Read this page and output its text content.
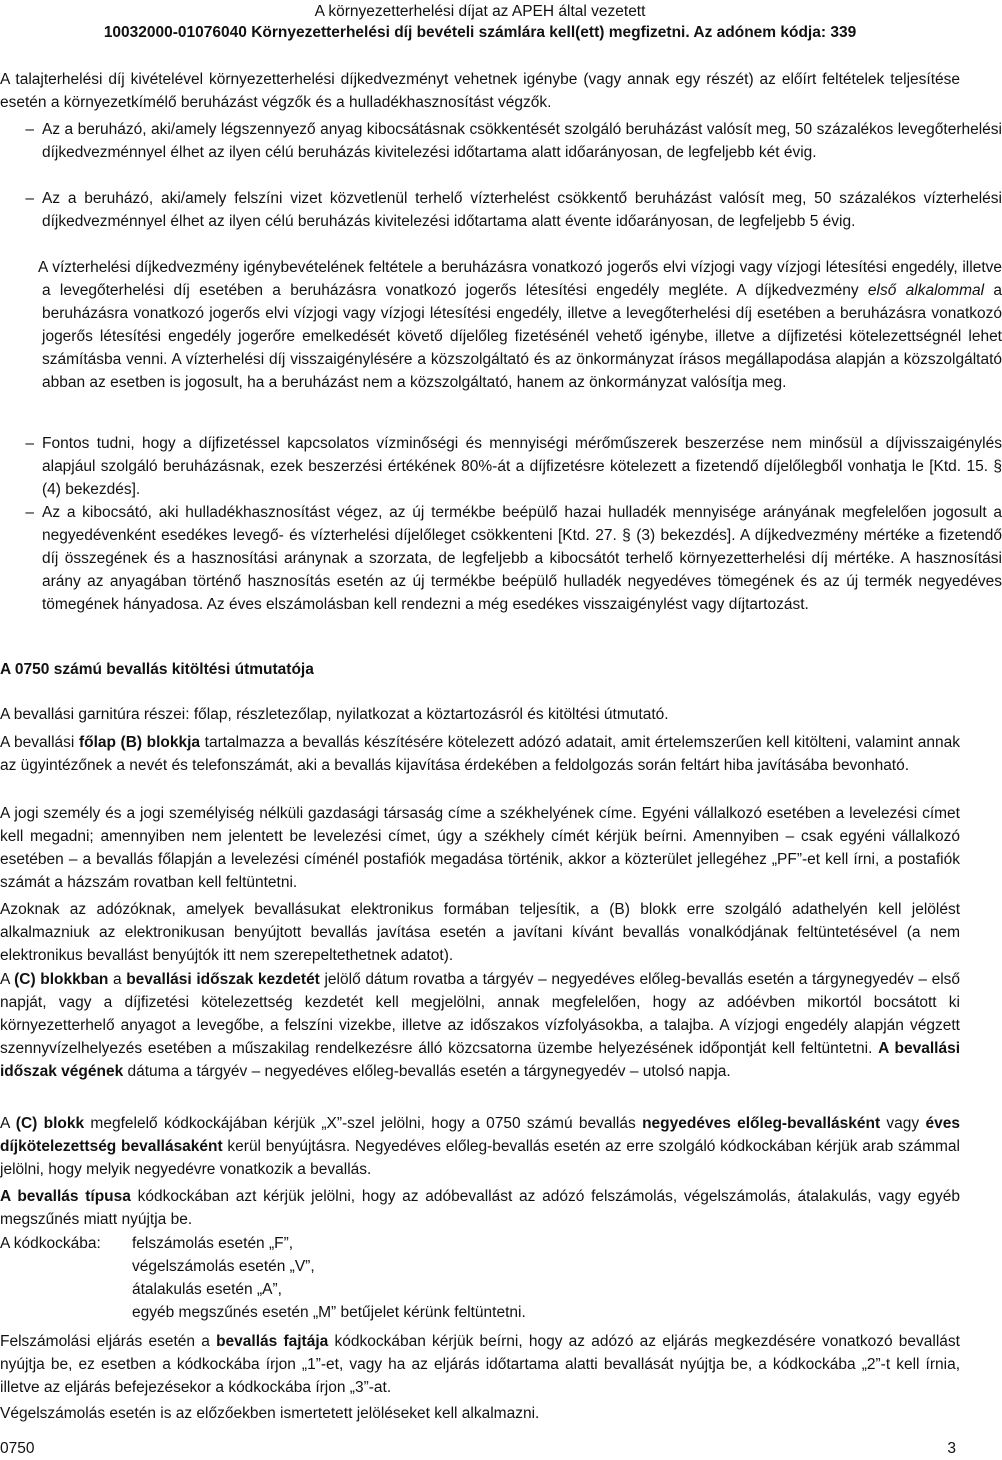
A környezetterhelési díjat az APEH által vezetett
10032000-01076040 Környezetterhelési díj bevételi számlára kell(ett) megfizetni. Az adónem kódja: 339

A talajterhelési díj kivételével környezetterhelési díjkedvezményt vehetnek igénybe (vagy annak egy részét) az előírt feltételek teljesítése esetén a környezetkímélő beruházást végzők és a hulladékhasznosítást végzők.

– Az a beruházó, aki/amely légszennyező anyag kibocsátásnak csökkentését szolgáló beruházást valósít meg, 50 százalékos levegőterhelési díjkedvezménnyel élhet az ilyen célú beruházás kivitelezési időtartama alatt időarányosan, de legfeljebb két évig.

– Az a beruházó, aki/amely felszíni vizet közvetlenül terhelő vízterhelést csökkentő beruházást valósít meg, 50 százalékos vízterhelési díjkedvezménnyel élhet az ilyen célú beruházás kivitelezési időtartama alatt évente időarányosan, de legfeljebb 5 évig.

A vízterhelési díjkedvezmény igénybevételének feltétele a beruházásra vonatkozó jogerős elvi vízjogi vagy vízjogi létesítési engedély, illetve a levegőterhelési díj esetében a beruházásra vonatkozó jogerős létesítési engedély megléte. A díjkedvezmény első alkalommal a beruházásra vonatkozó jogerős elvi vízjogi vagy vízjogi létesítési engedély, illetve a levegőterhelési díj esetében a beruházásra vonatkozó jogerős létesítési engedély jogerőre emelkedését követő díjelőleg fizetésénél vehető igénybe, illetve a díjfizetési kötelezettségnél lehet számításba venni. A vízterhelési díj visszaigénylésére a közszolgáltató és az önkormányzat írásos megállapodása alapján a közszolgáltató abban az esetben is jogosult, ha a beruházást nem a közszolgáltató, hanem az önkormányzat valósítja meg.

– Fontos tudni, hogy a díjfizetéssel kapcsolatos vízminőségi és mennyiségi mérőműszerek beszerzése nem minősül a díjvisszaigénylés alapjául szolgáló beruházásnak, ezek beszerzési értékének 80%-át a díjfizetésre kötelezett a fizetendő díjelőlegből vonhatja le [Ktd. 15. § (4) bekezdés].

– Az a kibocsátó, aki hulladékhasznosítást végez, az új termékbe beépülő hazai hulladék mennyisége arányának megfelelően jogosult a negyedévenként esedékes levegő- és vízterhelési díjelőleget csökkenteni [Ktd. 27. § (3) bekezdés]. A díjkedvezmény mértéke a fizetendő díj összegének és a hasznosítási aránynak a szorzata, de legfeljebb a kibocsátót terhelő környezetterhelési díj mértéke. A hasznosítási arány az anyagában történő hasznosítás esetén az új termékbe beépülő hulladék negyedéves tömegének és az új termék negyedéves tömegének hányadosa. Az éves elszámolásban kell rendezni a még esedékes visszaigénylést vagy díjtartozást.

A 0750 számú bevallás kitöltési útmutatója

A bevallási garnitúra részei: főlap, részletezőlap, nyilatkozat a köztartozásról és kitöltési útmutató.

A bevallási főlap (B) blokkja tartalmazza a bevallás készítésére kötelezett adózó adatait, amit értelemszerűen kell kitölteni, valamint annak az ügyintézőnek a nevét és telefonszámát, aki a bevallás kijavítása érdekében a feldolgozás során feltárt hiba javításába bevonható.

A jogi személy és a jogi személyiség nélküli gazdasági társaság címe a székhelyének címe. Egyéni vállalkozó esetében a levelezési címet kell megadni; amennyiben nem jelentett be levelezési címet, úgy a székhely címét kérjük beírni. Amennyiben – csak egyéni vállalkozó esetében – a bevallás főlapján a levelezési címénél postafiók megadása történik, akkor a közterület jellegéhez „PF”-et kell írni, a postafiók számát a házszám rovatban kell feltüntetni.

Azoknak az adózóknak, amelyek bevallásukat elektronikus formában teljesítik, a (B) blokk erre szolgáló adathelyén kell jelölést alkalmazniuk az elektronikusan benyújtott bevallás javítása esetén a javítani kívánt bevallás vonalkódjának feltüntetésével (a nem elektronikus bevallást benyújtók itt nem szerepeltethetnek adatot).

A (C) blokkban a bevallási időszak kezdetét jelölő dátum rovatba a tárgyév – negyedéves előleg-bevallás esetén a tárgynegyedév – első napját, vagy a díjfizetési kötelezettség kezdetét kell megjelölni, annak megfelelően, hogy az adóévben mikortól bocsátott ki környezetterhelő anyagot a levegőbe, a felszíni vizekbe, illetve az időszakos vízfolyásokba, a talajba. A vízjogi engedély alapján végzett szennyvízelhelyezés esetében a műszakilag rendelkezésre álló közcsatorna üzembe helyezésének időpontját kell feltüntetni. A bevallási időszak végének dátuma a tárgyév – negyedéves előleg-bevallás esetén a tárgynegyedév – utolsó napja.

A (C) blokk megfelelő kódkockájában kérjük „X”-szel jelölni, hogy a 0750 számú bevallás negyedéves előleg-bevallásként vagy éves díjkötelezettség bevallásaként kerül benyújtásra. Negyedéves előleg-bevallás esetén az erre szolgáló kódkockában kérjük arab számmal jelölni, hogy melyik negyedévre vonatkozik a bevallás.

A bevallás típusa kódkockában azt kérjük jelölni, hogy az adóbevallást az adózó felszámolás, végelszámolás, átalakulás, vagy egyéb megszűnés miatt nyújtja be.

A kódkockába: felszámolás esetén „F”,
végelszámolás esetén „V”,
átalakulás esetén „A”,
egyéb megszűnés esetén „M” betűjelet kérünk feltüntetni.

Felszámolási eljárás esetén a bevallás fajtája kódkockában kérjük beírni, hogy az adózó az eljárás megkezdésére vonatkozó bevallást nyújtja be, ez esetben a kódkockába írjon „1”-et, vagy ha az eljárás időtartama alatti bevallását nyújtja be, a kódkockába „2”-t kell írnia, illetve az eljárás befejezésekor a kódkockába írjon „3”-at.

Végelszámolás esetén is az előzőekben ismertetett jelöléseket kell alkalmazni.

0750	3
